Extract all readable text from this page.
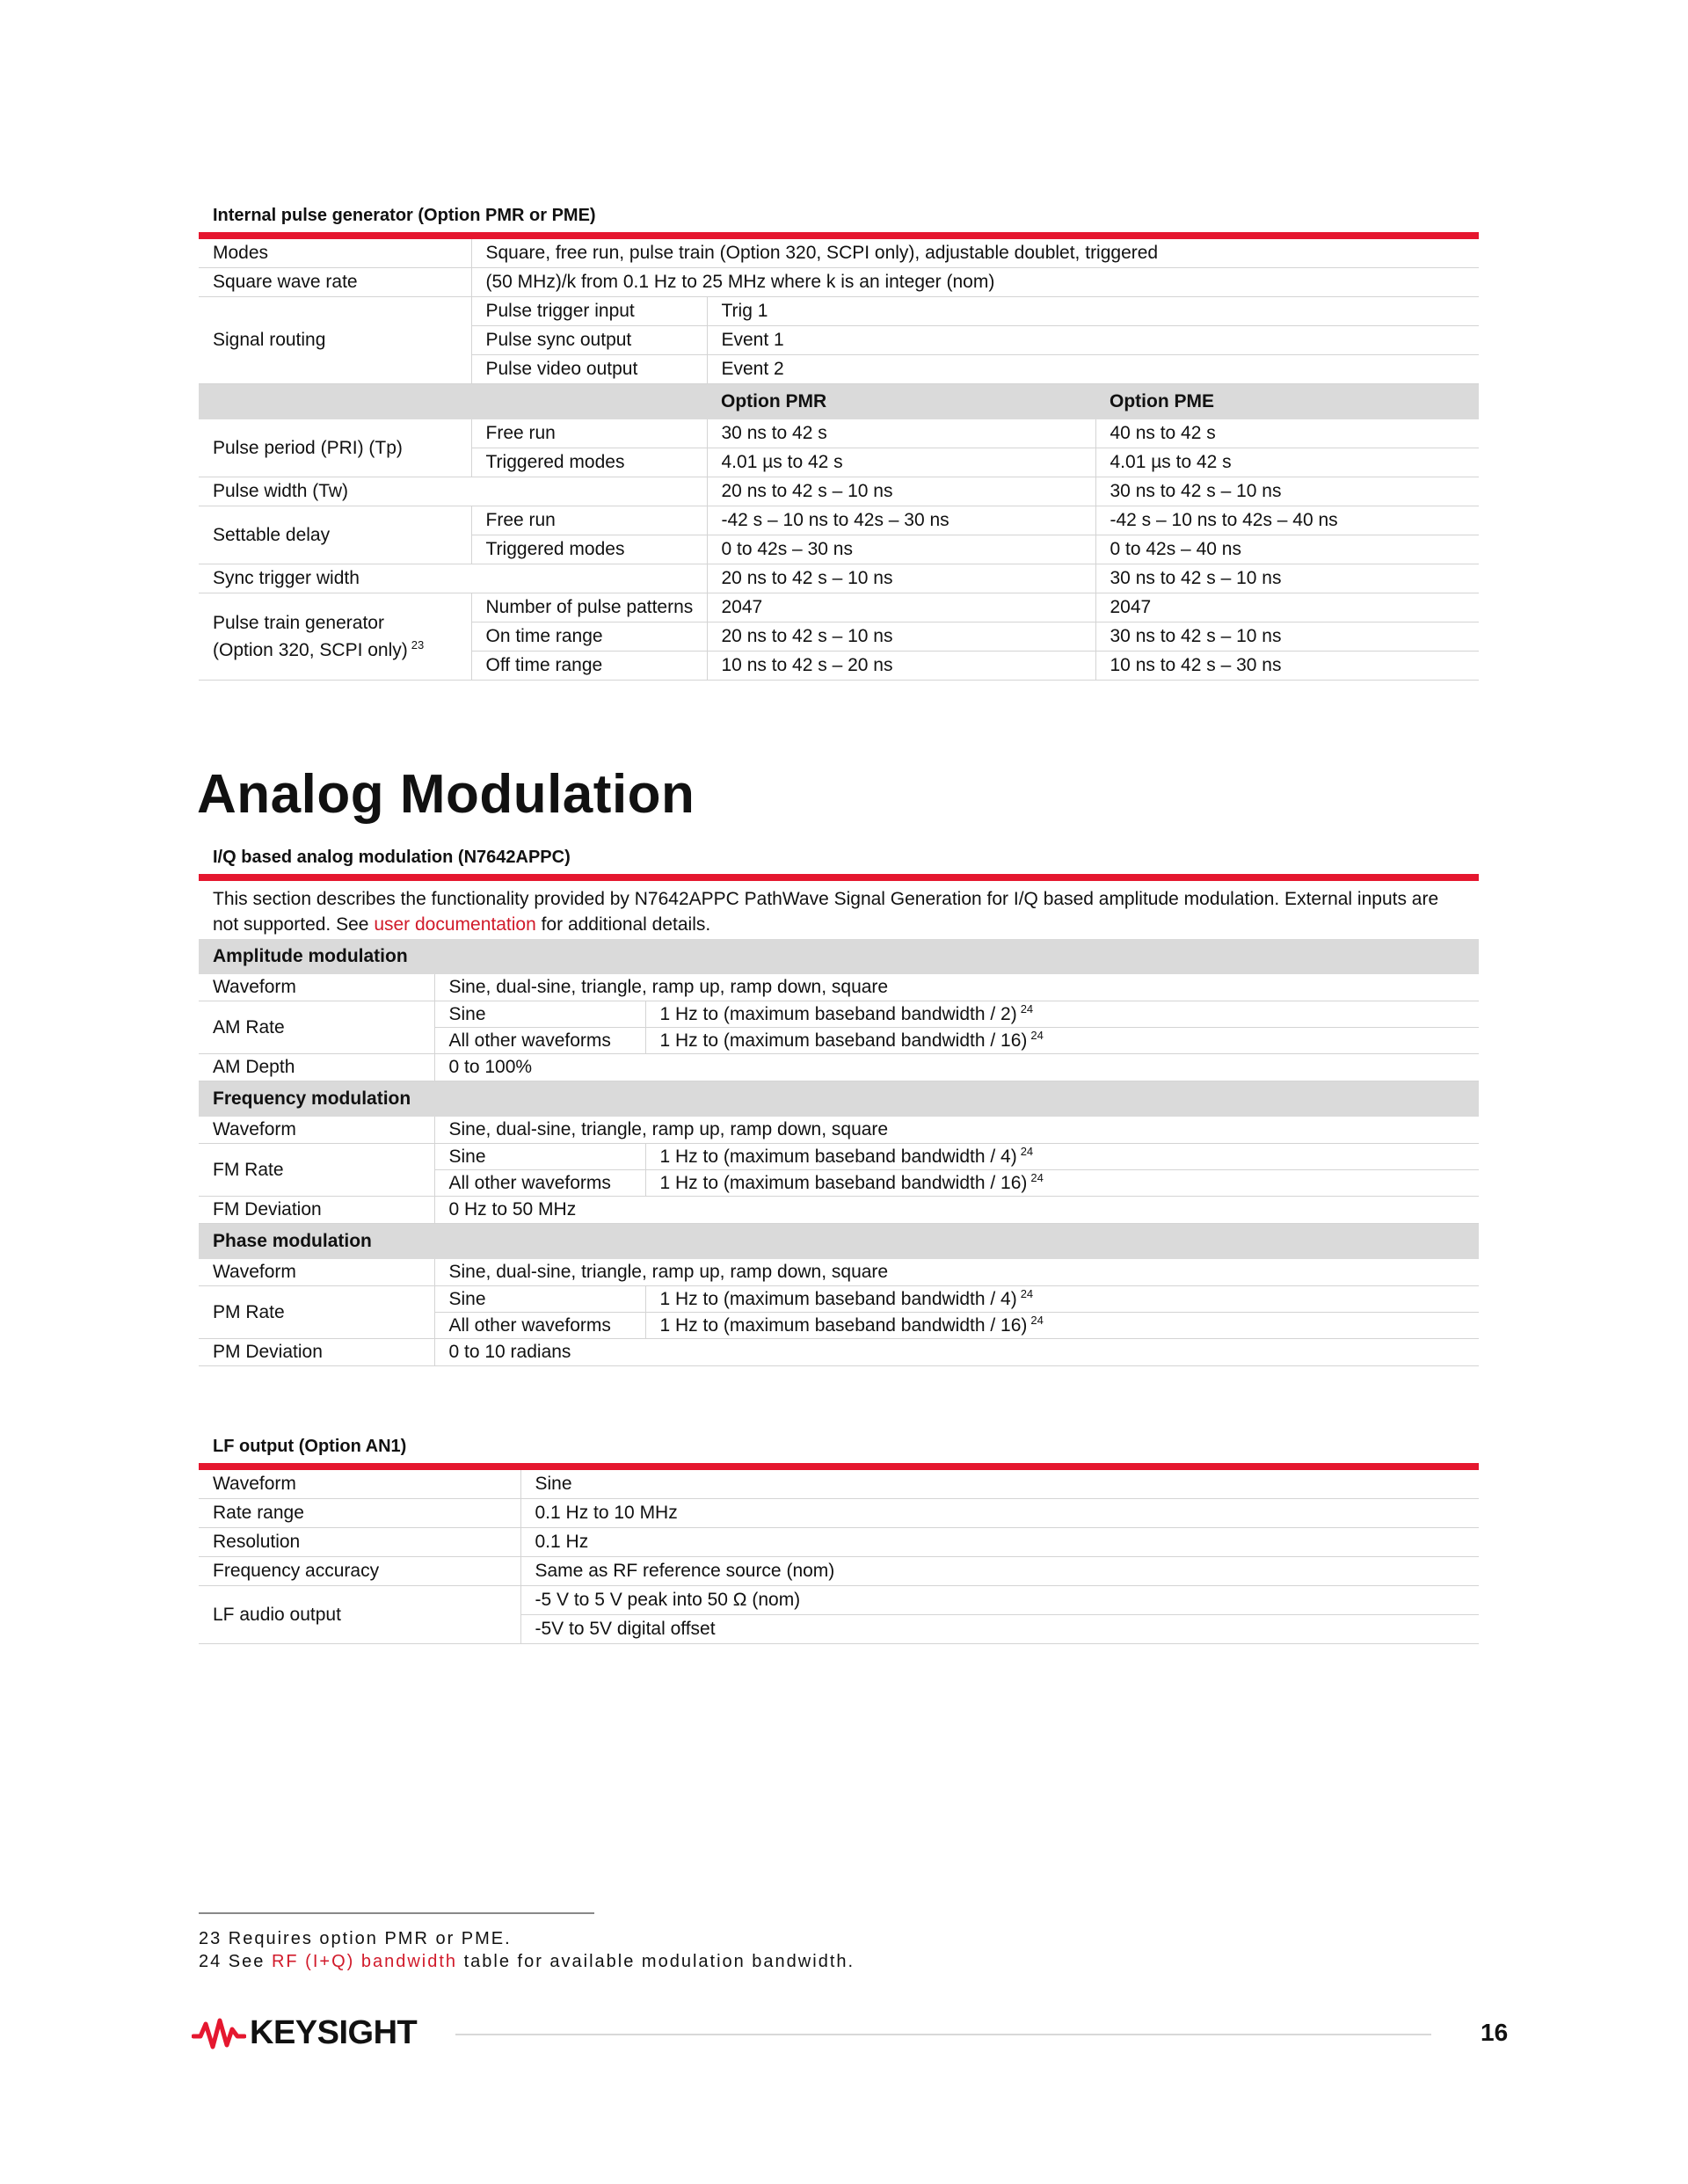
Internal pulse generator (Option PMR or PME)
Modes	Square, free run, pulse train (Option 320, SCPI only), adjustable doublet, triggered		
Square wave rate	(50 MHz)/k from 0.1 Hz to 25 MHz where k is an integer (nom)		
Signal routing	Pulse trigger input	Trig 1	
	Pulse sync output	Event 1	
	Pulse video output	Event 2	
		Option PMR	Option PME
Pulse period (PRI) (Tp)	Free run	30 ns to 42 s	40 ns to 42 s
	Triggered modes	4.01 µs to 42 s	4.01 µs to 42 s
Pulse width (Tw)		20 ns to 42 s – 10 ns	30 ns to 42 s – 10 ns
Settable delay	Free run	-42 s – 10 ns to 42s – 30 ns	-42 s – 10 ns to 42s – 40 ns
	Triggered modes	0 to 42s – 30 ns	0 to 42s – 40 ns
Sync trigger width		20 ns to 42 s – 10 ns	30 ns to 42 s – 10 ns
Pulse train generator
(Option 320, SCPI only) $^{23}$	Number of pulse patterns	2047	2047
	On time range	20 ns to 42 s – 10 ns	30 ns to 42 s – 10 ns
	Off time range	10 ns to 42 s – 20 ns	10 ns to 42 s – 30 ns
Analog Modulation
I/Q based analog modulation (N7642APPC)
This section describes the functionality provided by N7642APPC PathWave Signal Generation for I/Q based amplitude modulation. External inputs are not supported. See user documentation for additional details.
Amplitude modulation		
Waveform	Sine, dual-sine, triangle, ramp up, ramp down, square	
AM Rate	Sine	1 Hz to (maximum baseband bandwidth / 2) $^{24}$
	All other waveforms	1 Hz to (maximum baseband bandwidth / 16) $^{24}$
AM Depth	0 to 100%	
Frequency modulation		
Waveform	Sine, dual-sine, triangle, ramp up, ramp down, square	
FM Rate	Sine	1 Hz to (maximum baseband bandwidth / 4) $^{24}$
	All other waveforms	1 Hz to (maximum baseband bandwidth / 16) $^{24}$
FM Deviation	0 Hz to 50 MHz	
Phase modulation		
Waveform	Sine, dual-sine, triangle, ramp up, ramp down, square	
PM Rate	Sine	1 Hz to (maximum baseband bandwidth / 4) $^{24}$
	All other waveforms	1 Hz to (maximum baseband bandwidth / 16) $^{24}$
PM Deviation	0 to 10 radians	
LF output (Option AN1)
Waveform	Sine
Rate range	0.1 Hz to 10 MHz
Resolution	0.1 Hz
Frequency accuracy	Same as RF reference source (nom)
LF audio output	-5 V to 5 V peak into 50 Ω (nom)
	-5V to 5V digital offset
23 Requires option PMR or PME.
24 See RF (I+Q) bandwidth table for available modulation bandwidth.
KEYSIGHT	16
